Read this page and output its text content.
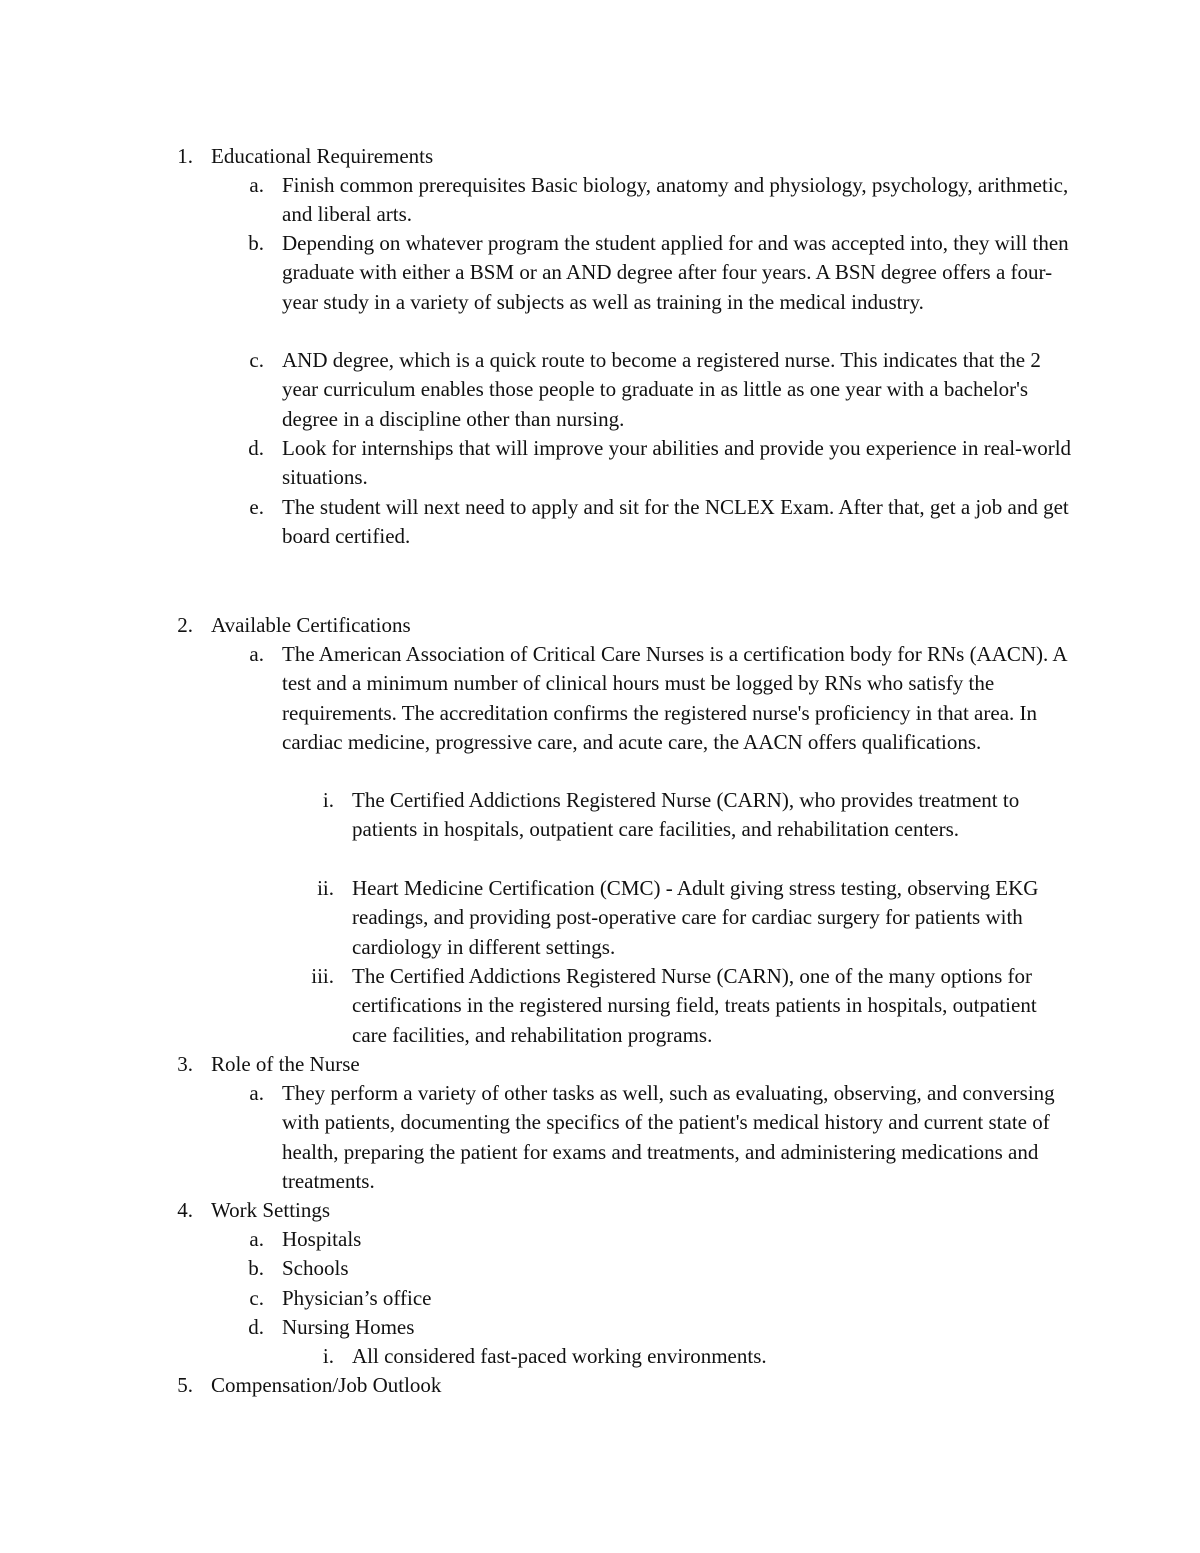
1. Educational Requirements
a. Finish common prerequisites Basic biology, anatomy and physiology, psychology, arithmetic, and liberal arts.
b. Depending on whatever program the student applied for and was accepted into, they will then graduate with either a BSM or an AND degree after four years. A BSN degree offers a four-year study in a variety of subjects as well as training in the medical industry.
c. AND degree, which is a quick route to become a registered nurse. This indicates that the 2 year curriculum enables those people to graduate in as little as one year with a bachelor's degree in a discipline other than nursing.
d. Look for internships that will improve your abilities and provide you experience in real-world situations.
e. The student will next need to apply and sit for the NCLEX Exam. After that, get a job and get board certified.
2. Available Certifications
a. The American Association of Critical Care Nurses is a certification body for RNs (AACN). A test and a minimum number of clinical hours must be logged by RNs who satisfy the requirements. The accreditation confirms the registered nurse's proficiency in that area. In cardiac medicine, progressive care, and acute care, the AACN offers qualifications.
i. The Certified Addictions Registered Nurse (CARN), who provides treatment to patients in hospitals, outpatient care facilities, and rehabilitation centers.
ii. Heart Medicine Certification (CMC) - Adult giving stress testing, observing EKG readings, and providing post-operative care for cardiac surgery for patients with cardiology in different settings.
iii. The Certified Addictions Registered Nurse (CARN), one of the many options for certifications in the registered nursing field, treats patients in hospitals, outpatient care facilities, and rehabilitation programs.
3. Role of the Nurse
a. They perform a variety of other tasks as well, such as evaluating, observing, and conversing with patients, documenting the specifics of the patient's medical history and current state of health, preparing the patient for exams and treatments, and administering medications and treatments.
4. Work Settings
a. Hospitals
b. Schools
c. Physician’s office
d. Nursing Homes
i. All considered fast-paced working environments.
5. Compensation/Job Outlook
